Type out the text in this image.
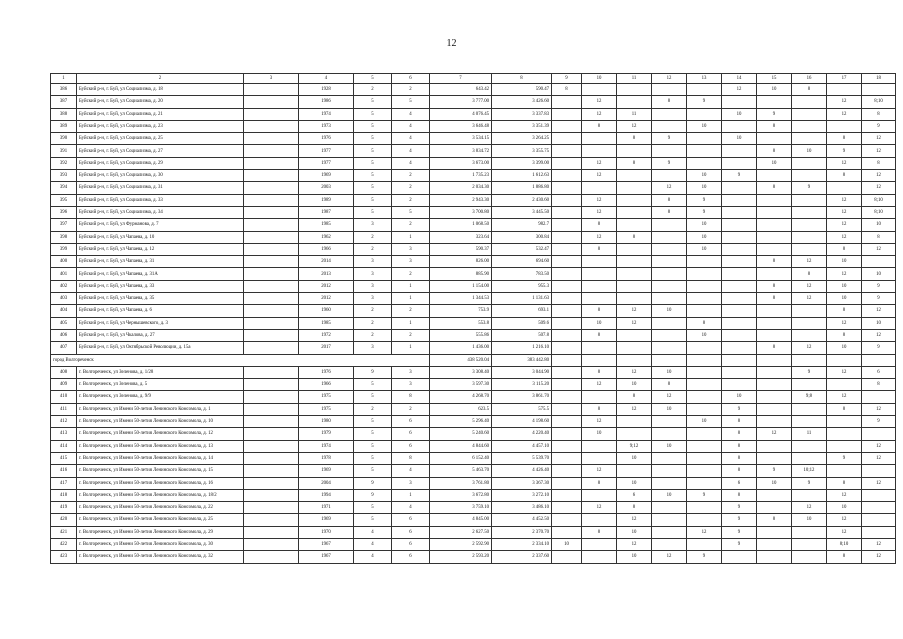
12
1	2	3	4	5	6	7	8	9	10	11	12	13	14	15	16	17	18
386	Буйский р-н, г. Буй, ул Социализма, д. 18		1928	2	2	643.42	590.47	8					12	10	8		
387	Буйский р-н, г. Буй, ул Социализма, д. 20		1986	5	5	3 777.00	3 426.60		12		8	9				12	8;10
388	Буйский р-н, г. Буй, ул Социализма, д. 21		1974	5	4	4 076.45	3 337.83		12	11			10	9		12	8
389	Буйский р-н, г. Буй, ул Социализма, д. 23		1973	5	4	3 646.48	3 351.39		8	12		10		8			9
390	Буйский р-н, г. Буй, ул Социализма, д. 25		1976	5	4	3 534.15	3 264.25			8	9		10			8	12
391	Буйский р-н, г. Буй, ул Социализма, д. 27		1977	5	4	3 834.72	3 355.75							8	10	9	12
392	Буйский р-н, г. Буй, ул Социализма, д. 29		1977	5	4	3 673.00	3 399.00		12	8	9			10		12	8
393	Буйский р-н, г. Буй, ул Социализма, д. 30		1969	5	2	1 735.23	1 612.63		12			10	9			8	12
394	Буйский р-н, г. Буй, ул Социализма, д. 31		2003	5	2	2 034.30	1 886.80				12	10		8	9		12
395	Буйский р-н, г. Буй, ул Социализма, д. 33		1989	5	2	2 943.30	2 430.60		12		8	9				12	8;10
396	Буйский р-н, г. Буй, ул Социализма, д. 34		1987	5	5	3 700.80	3 445.50		12		8	9				12	8;10
397	Буйский р-н, г. Буй, ул Фурманова, д. 7		1985	3	2	1 068.50	982.7		8			10				12	10
398	Буйский р-н, г. Буй, ул Чапаева, д. 10		1962	2	1	323.64	300.84		12	8		10				12	8
399	Буйский р-н, г. Буй, ул Чапаева, д. 12		1966	2	3	590.37	532.47		8			10				8	12
400	Буйский р-н, г. Буй, ул Чапаева, д. 31		2014	3	3	826.00	694.60							8	12	10	
401	Буйский р-н, г. Буй, ул Чапаева, д. 31А		2013	3	2	885.90	783.50								8	12	10
402	Буйский р-н, г. Буй, ул Чапаева, д. 33		2012	3	1	1 154.00	955.3							8	12	10	9
403	Буйский р-н, г. Буй, ул Чапаева, д. 35		2012	3	1	1 344.53	1 131.63							8	12	10	9
404	Буйский р-н, г. Буй, ул Чапаева, д. 6		1960	2	2	753.9	693.1		8	12	10					8	12
405	Буйский р-н, г. Буй, ул Чернышевского, д. 3		1985	2	1	553.8	509.6		10	12		8				12	10
406	Буйский р-н, г. Буй, ул Чкалова, д. 27		1972	2	2	555.86	507.8		8			10				8	12
407	Буйский р-н, г. Буй, ул Октябрьской Революции, д. 15а		2017	3	1	1 436.00	1 216.10							8	12	10	9
город Волгореченск						438 520.04	383 442.80										
408	г. Волгореченск, ул Зеленова, д. 1/28		1976	9	3	3 308.40	3 044.90		8	12	10				9	12	6
409	г. Волгореченск, ул Зеленова, д. 5		1966	5	3	3 597.30	3 115.20		12	10	8						8
410	г. Волгореченск, ул Зеленова, д. 9/9		1975	5	8	4 268.70	3 861.70			8	12		10		9;8	12	
411	г. Волгореченск, ул Имени 50-летия Ленинского Комсомола, д. 1		1975	2	2	623.5	575.5		8	12	10		9			8	12
412	г. Волгореченск, ул Имени 50-летия Ленинского Комсомола, д. 10		1980	5	6	5 296.40	4 198.60		12			10	8				9
413	г. Волгореченск, ул Имени 50-летия Ленинского Комсомола, д. 12		1979	5	6	5 240.60	4 220.40		10				8	12	11		
414	г. Волгореченск, ул Имени 50-летия Ленинского Комсомола, д. 13		1974	5	6	4 844.60	4 457.10			9;12	10		8				12
415	г. Волгореченск, ул Имени 50-летия Ленинского Комсомола, д. 14		1978	5	8	6 152.40	5 539.70			10			8			9	12
416	г. Волгореченск, ул Имени 50-летия Ленинского Комсомола, д. 15		1969	5	4	5 463.70	4 426.40		12				8	9	10;12		
417	г. Волгореченск, ул Имени 50-летия Ленинского Комсомола, д. 16		2004	9	3	3 761.80	3 367.30		8	10			6	10	9	8	12
418	г. Волгореченск, ул Имени 50-летия Ленинского Комсомола, д. 18/2		1994	9	1	3 672.80	3 272.10			6	10	9	8			12	
419	г. Волгореченск, ул Имени 50-летия Ленинского Комсомола, д. 22		1971	5	4	3 759.10	3 486.10		12	8			9		12	10	
420	г. Волгореченск, ул Имени 50-летия Ленинского Комсомола, д. 25		1969	5	6	4 845.00	4 452.50			12			9	8	10	12	
421	г. Волгореченск, ул Имени 50-летия Ленинского Комсомола, д. 29		1970	4	6	2 627.50	2 370.70		8	10		12	9			12	
422	г. Волгореченск, ул Имени 50-летия Ленинского Комсомола, д. 30		1967	4	6	2 592.90	2 334.10	10		12			9			8;10	12
423	г. Волгореченск, ул Имени 50-летия Ленинского Комсомола, д. 32		1967	4	6	2 593.20	2 337.60			10	12	9				8	12
